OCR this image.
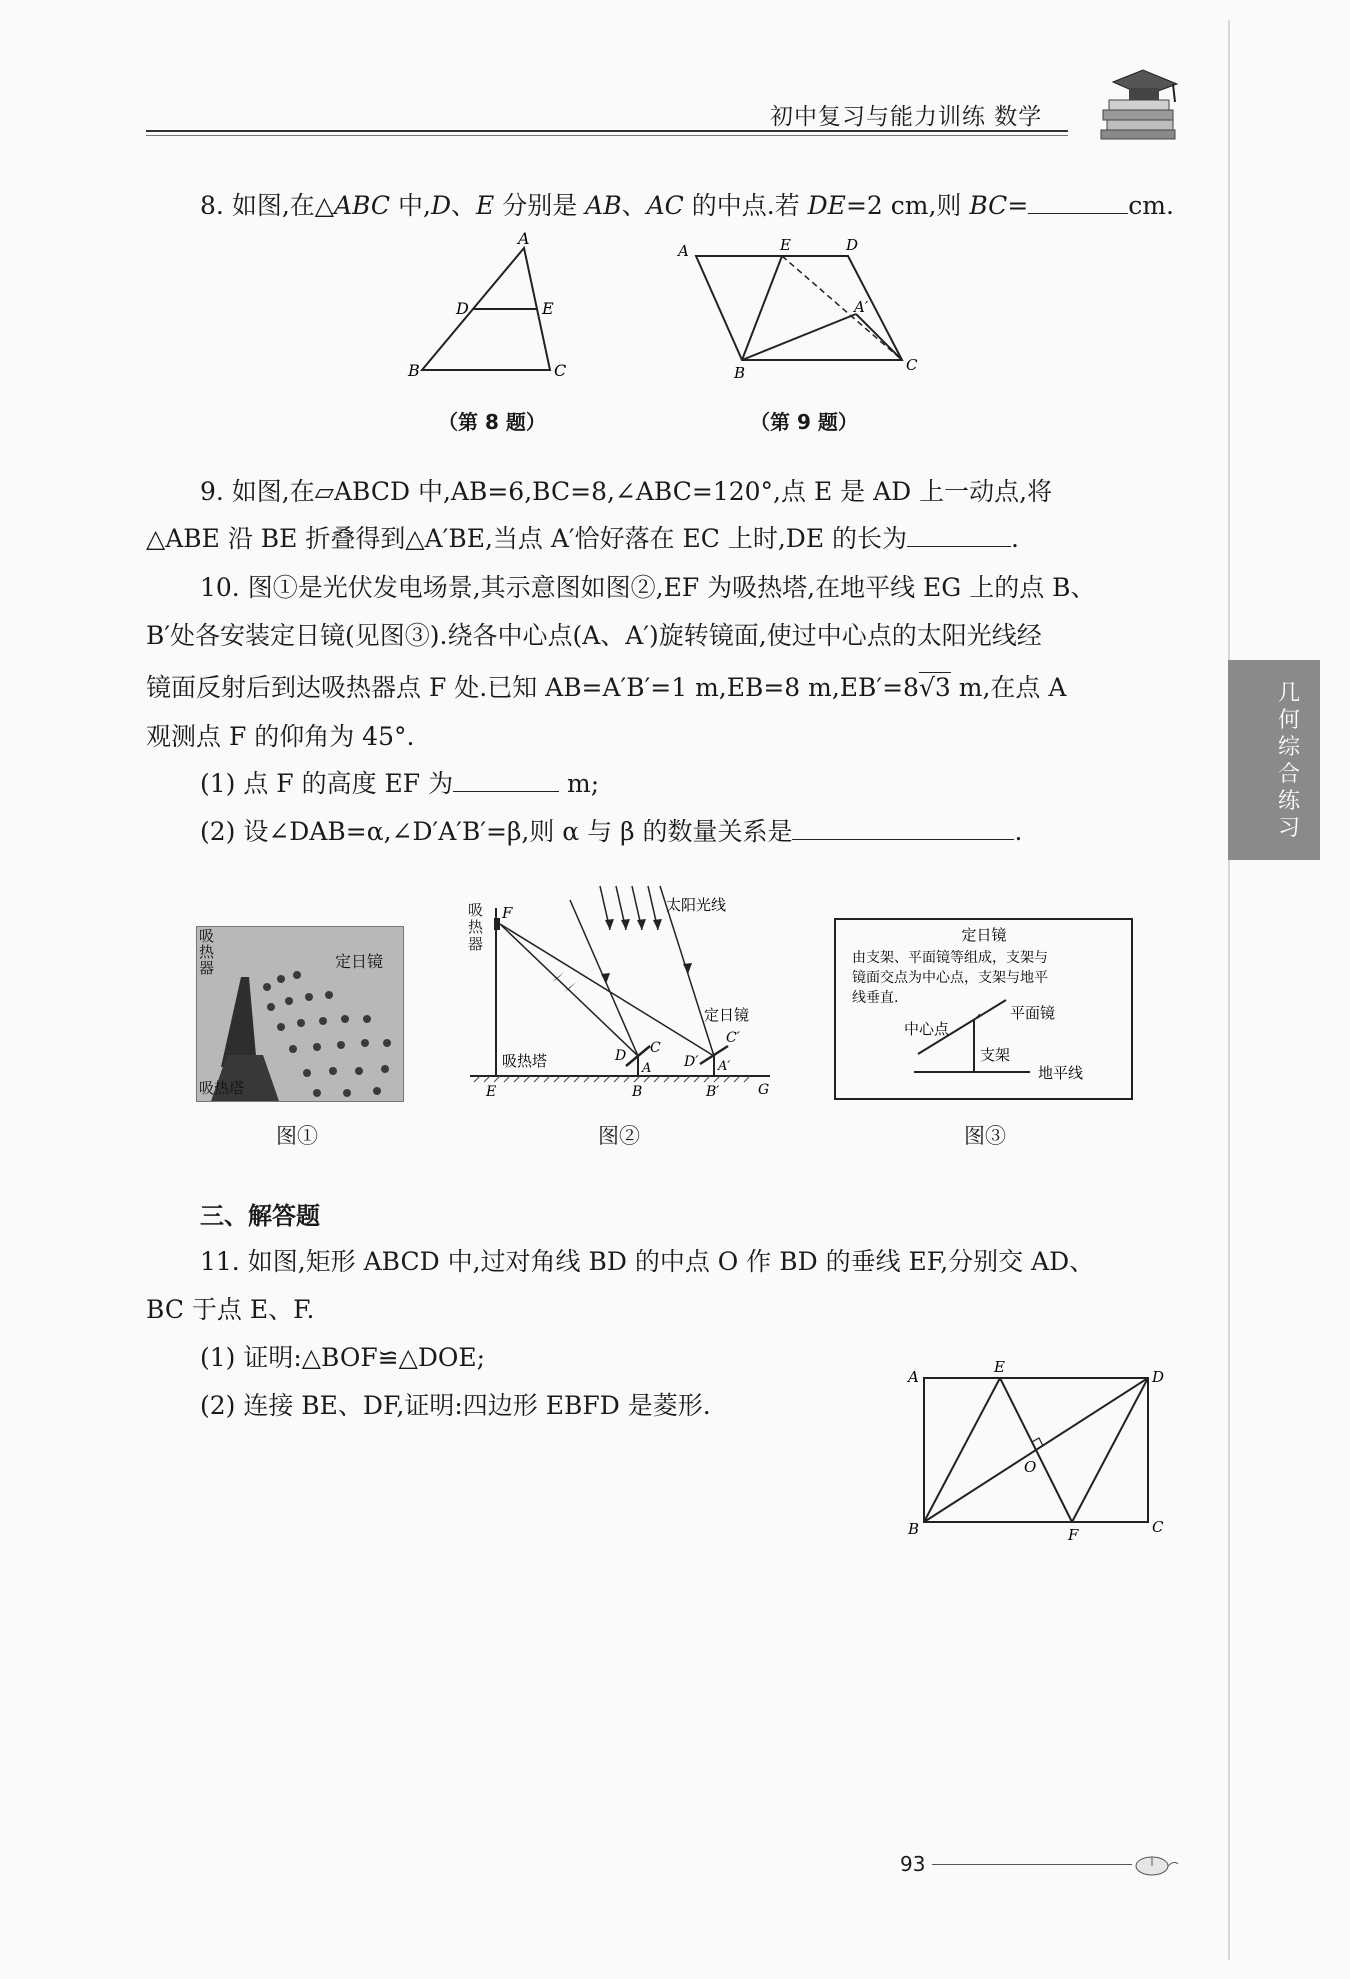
初中复习与能力训练 数学
几何综合练习
8. 如图,在△ABC 中,D、E 分别是 AB、AC 的中点.若 DE=2 cm,则 BC=	cm.
A
B	C
D	E
（第 8 题）
A	E	D
A′
B	C
（第 9 题）
9. 如图,在▱ABCD 中,AB=6,BC=8,∠ABC=120°,点 E 是 AD 上一动点,将
△ABE 沿 BE 折叠得到△A′BE,当点 A′恰好落在 EC 上时,DE 的长为	.
10. 图①是光伏发电场景,其示意图如图②,EF 为吸热塔,在地平线 EG 上的点 B、
B′处各安装定日镜(见图③).绕各中心点(A、A′)旋转镜面,使过中心点的太阳光线经
镜面反射后到达吸热器点 F 处.已知 AB=A′B′=1 m,EB=8 m,EB′=8√3 m,在点 A
观测点 F 的仰角为 45°.
(1) 点 F 的高度 EF 为	m;
(2) 设∠DAB=α,∠D′A′B′=β,则 α 与 β 的数量关系是	.
定日镜
吸热塔
吸热器
图①
吸热器
F	太阳光线
定日镜
吸热塔	D C
A D′
C′
A′
E	B	B′	G
图②
定日镜
由支架、平面镜等组成，支架与
镜面交点为中心点，支架与地平
线垂直.
中心点
平面镜
支架
地平线
图③
三、解答题
11. 如图,矩形 ABCD 中,过对角线 BD 的中点 O 作 BD 的垂线 EF,分别交 AD、
BC 于点 E、F.
(1) 证明:△BOF≌△DOE;
(2) 连接 BE、DF,证明:四边形 EBFD 是菱形.
A
E
D
O
B	F	C
93
